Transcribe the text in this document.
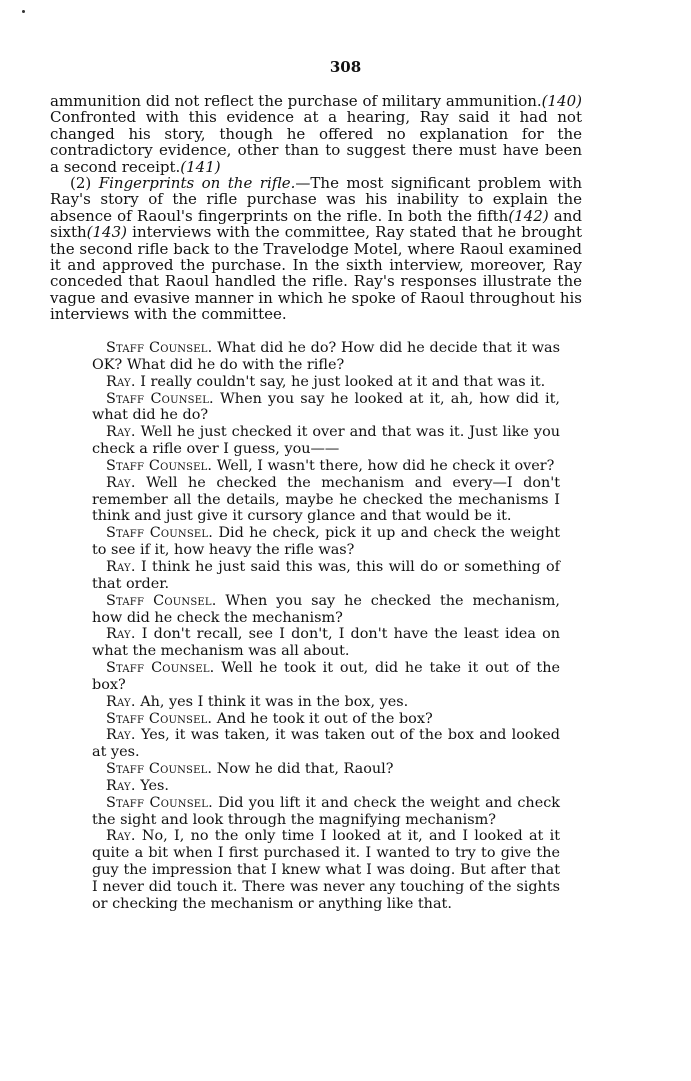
308

ammunition did not reflect the purchase of military ammunition.(140) Confronted with this evidence at a hearing, Ray said it had not changed his story, though he offered no explanation for the contradictory evidence, other than to suggest there must have been a second receipt.(141)

(2) Fingerprints on the rifle.—The most significant problem with Ray's story of the rifle purchase was his inability to explain the absence of Raoul's fingerprints on the rifle. In both the fifth(142) and sixth(143) interviews with the committee, Ray stated that he brought the second rifle back to the Travelodge Motel, where Raoul examined it and approved the purchase. In the sixth interview, moreover, Ray conceded that Raoul handled the rifle. Ray's responses illustrate the vague and evasive manner in which he spoke of Raoul throughout his interviews with the committee.

Staff Counsel. What did he do? How did he decide that it was OK? What did he do with the rifle?

Ray. I really couldn't say, he just looked at it and that was it.

Staff Counsel. When you say he looked at it, ah, how did it, what did he do?

Ray. Well he just checked it over and that was it. Just like you check a rifle over I guess, you——

Staff Counsel. Well, I wasn't there, how did he check it over?

Ray. Well he checked the mechanism and every—I don't remember all the details, maybe he checked the mechanisms I think and just give it cursory glance and that would be it.

Staff Counsel. Did he check, pick it up and check the weight to see if it, how heavy the rifle was?

Ray. I think he just said this was, this will do or something of that order.

Staff Counsel. When you say he checked the mechanism, how did he check the mechanism?

Ray. I don't recall, see I don't, I don't have the least idea on what the mechanism was all about.

Staff Counsel. Well he took it out, did he take it out of the box?

Ray. Ah, yes I think it was in the box, yes.

Staff Counsel. And he took it out of the box?

Ray. Yes, it was taken, it was taken out of the box and looked at yes.

Staff Counsel. Now he did that, Raoul?

Ray. Yes.

Staff Counsel. Did you lift it and check the weight and check the sight and look through the magnifying mechanism?

Ray. No, I, no the only time I looked at it, and I looked at it quite a bit when I first purchased it. I wanted to try to give the guy the impression that I knew what I was doing. But after that I never did touch it. There was never any touching of the sights or checking the mechanism or anything like that.
